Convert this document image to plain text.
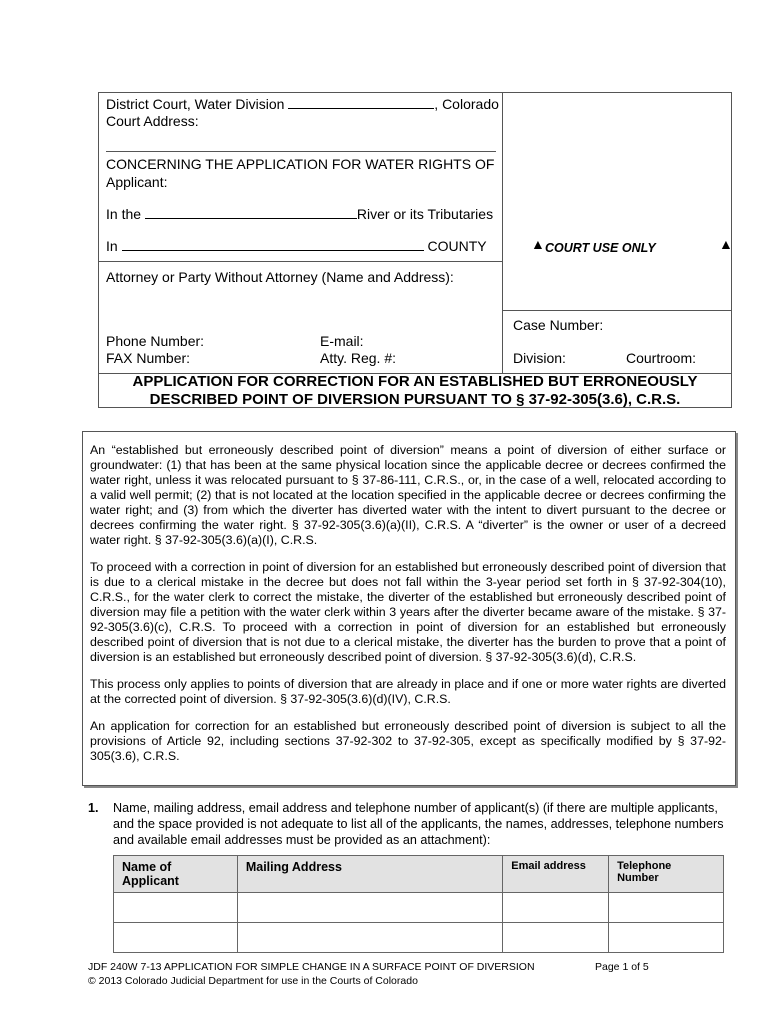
District Court, Water Division	, Colorado
Court Address:
CONCERNING THE APPLICATION FOR WATER RIGHTS OF
Applicant:
In the	River or its Tributaries
In	COUNTY
Attorney or Party Without Attorney (Name and Address):
Phone Number:	E-mail:
FAX Number:	Atty. Reg. #:
▲ COURT USE ONLY	▲
Case Number:
Division:	Courtroom:
APPLICATION FOR CORRECTION FOR AN ESTABLISHED BUT ERRONEOUSLY
DESCRIBED POINT OF DIVERSION PURSUANT TO § 37-92-305(3.6), C.R.S.

An “established but erroneously described point of diversion” means a point of diversion of either surface or groundwater: (1) that has been at the same physical location since the applicable decree or decrees confirmed the water right, unless it was relocated pursuant to § 37-86-111, C.R.S., or, in the case of a well, relocated according to a valid well permit; (2) that is not located at the location specified in the applicable decree or decrees confirming the water right; and (3) from which the diverter has diverted water with the intent to divert pursuant to the decree or decrees confirming the water right. § 37-92-305(3.6)(a)(II), C.R.S. A “diverter” is the owner or user of a decreed water right. § 37-92-305(3.6)(a)(I), C.R.S.

To proceed with a correction in point of diversion for an established but erroneously described point of diversion that is due to a clerical mistake in the decree but does not fall within the 3-year period set forth in § 37-92-304(10), C.R.S., for the water clerk to correct the mistake, the diverter of the established but erroneously described point of diversion may file a petition with the water clerk within 3 years after the diverter became aware of the mistake. § 37-92-305(3.6)(c), C.R.S. To proceed with a correction in point of diversion for an established but erroneously described point of diversion that is not due to a clerical mistake, the diverter has the burden to prove that a point of diversion is an established but erroneously described point of diversion. § 37-92-305(3.6)(d), C.R.S.

This process only applies to points of diversion that are already in place and if one or more water rights are diverted at the corrected point of diversion. § 37-92-305(3.6)(d)(IV), C.R.S.

An application for correction for an established but erroneously described point of diversion is subject to all the provisions of Article 92, including sections 37-92-302 to 37-92-305, except as specifically modified by § 37-92-305(3.6), C.R.S.

1. Name, mailing address, email address and telephone number of applicant(s) (if there are multiple applicants, and the space provided is not adequate to list all of the applicants, the names, addresses, telephone numbers and available email addresses must be provided as an attachment):
Name of Applicant	Mailing Address	Email address	Telephone Number

JDF 240W 7-13 APPLICATION FOR SIMPLE CHANGE IN A SURFACE POINT OF DIVERSION
© 2013 Colorado Judicial Department for use in the Courts of Colorado
Page 1 of 5
